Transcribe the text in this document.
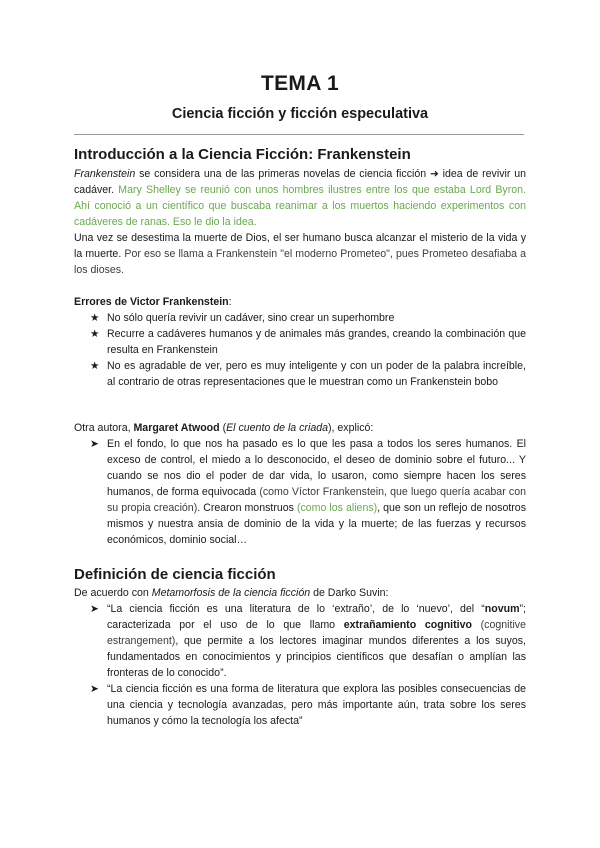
TEMA 1
Ciencia ficción y ficción especulativa
Introducción a la Ciencia Ficción: Frankenstein

Frankenstein se considera una de las primeras novelas de ciencia ficción ➜ idea de revivir un cadáver. Mary Shelley se reunió con unos hombres ilustres entre los que estaba Lord Byron. Ahí conoció a un científico que buscaba reanimar a los muertos haciendo experimentos con cadáveres de ranas. Eso le dio la idea.

Una vez se desestima la muerte de Dios, el ser humano busca alcanzar el misterio de la vida y la muerte. Por eso se llama a Frankenstein "el moderno Prometeo", pues Prometeo desafiaba a los dioses.

Errores de Victor Frankenstein:
★ No sólo quería revivir un cadáver, sino crear un superhombre
★ Recurre a cadáveres humanos y de animales más grandes, creando la combinación que resulta en Frankenstein
★ No es agradable de ver, pero es muy inteligente y con un poder de la palabra increíble, al contrario de otras representaciones que le muestran como un Frankenstein bobo
Otra autora, Margaret Atwood (El cuento de la criada), explicó:
➤ En el fondo, lo que nos ha pasado es lo que les pasa a todos los seres humanos. El exceso de control, el miedo a lo desconocido, el deseo de dominio sobre el futuro... Y cuando se nos dio el poder de dar vida, lo usaron, como siempre hacen los seres humanos, de forma equivocada (como Víctor Frankenstein, que luego quería acabar con su propia creación). Crearon monstruos (como los aliens), que son un reflejo de nosotros mismos y nuestra ansia de dominio de la vida y la muerte; de las fuerzas y recursos económicos, dominio social…
Definición de ciencia ficción
De acuerdo con Metamorfosis de la ciencia ficción de Darko Suvin:
➤ “La ciencia ficción es una literatura de lo ‘extraño’, de lo ‘nuevo’, del “novum”; caracterizada por el uso de lo que llamo extrañamiento cognitivo (cognitive estrangement), que permite a los lectores imaginar mundos diferentes a los suyos, fundamentados en conocimientos y principios científicos que desafían o amplían las fronteras de lo conocido”.
➤ “La ciencia ficción es una forma de literatura que explora las posibles consecuencias de una ciencia y tecnología avanzadas, pero más importante aún, trata sobre los seres humanos y cómo la tecnología los afecta”
